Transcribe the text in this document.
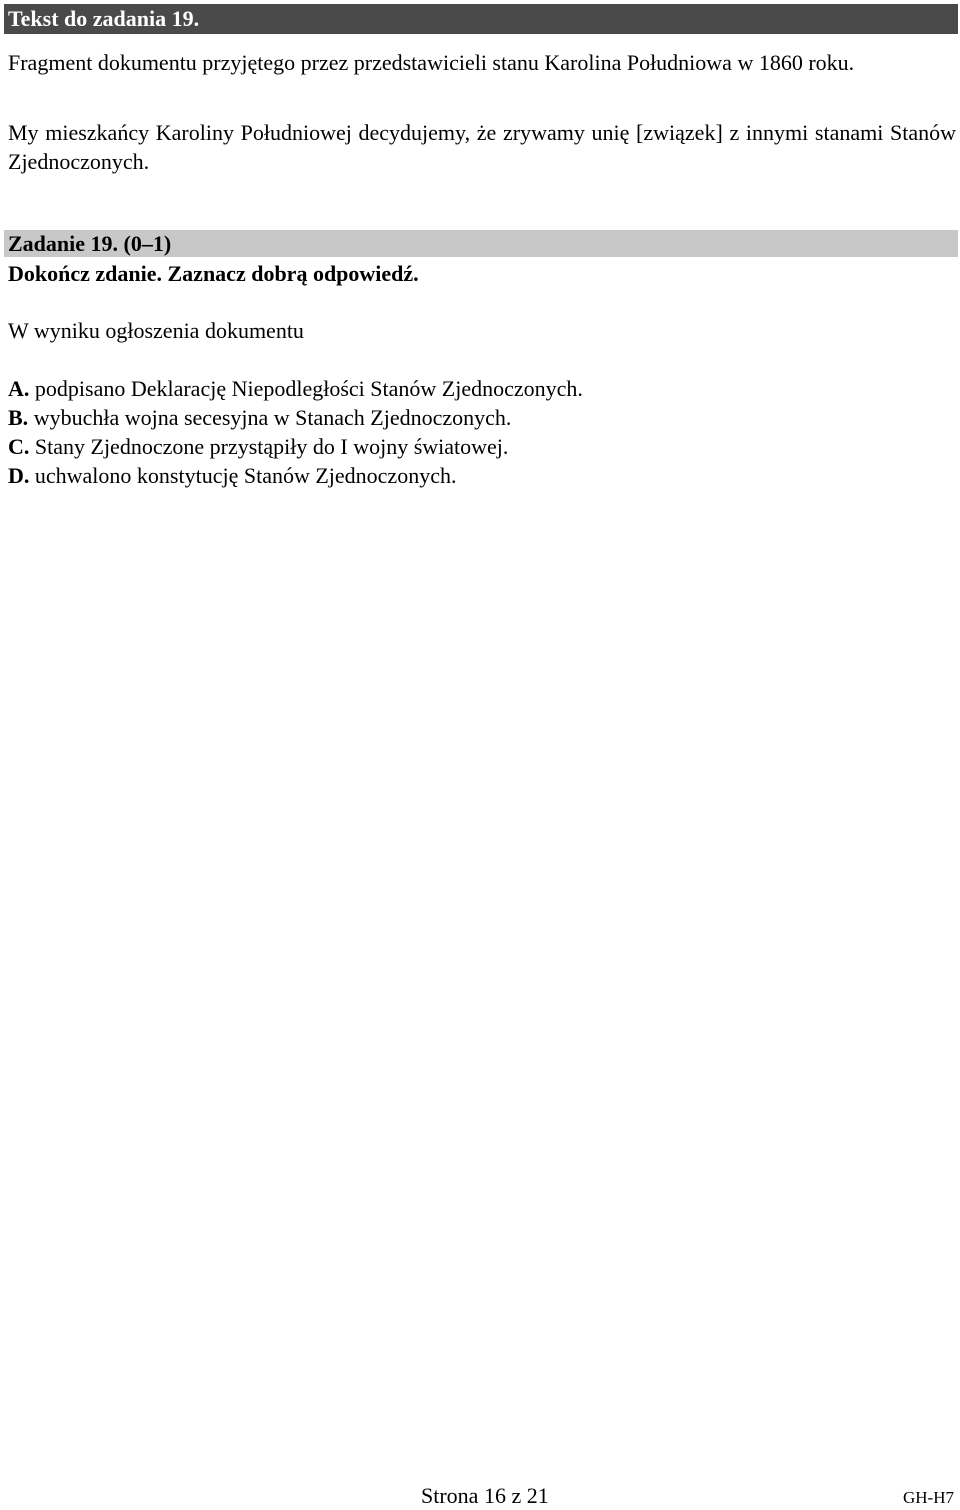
Tekst do zadania 19.
Fragment dokumentu przyjętego przez przedstawicieli stanu Karolina Południowa w 1860 roku.
My mieszkańcy Karoliny Południowej decydujemy, że zrywamy unię [związek] z innymi stanami Stanów Zjednoczonych.
Zadanie 19. (0–1)
Dokończ zdanie. Zaznacz dobrą odpowiedź.
W wyniku ogłoszenia dokumentu
A. podpisano Deklarację Niepodległości Stanów Zjednoczonych.
B. wybuchła wojna secesyjna w Stanach Zjednoczonych.
C. Stany Zjednoczone przystąpiły do I wojny światowej.
D. uchwalono konstytucję Stanów Zjednoczonych.
Strona 16 z 21	GH-H7
